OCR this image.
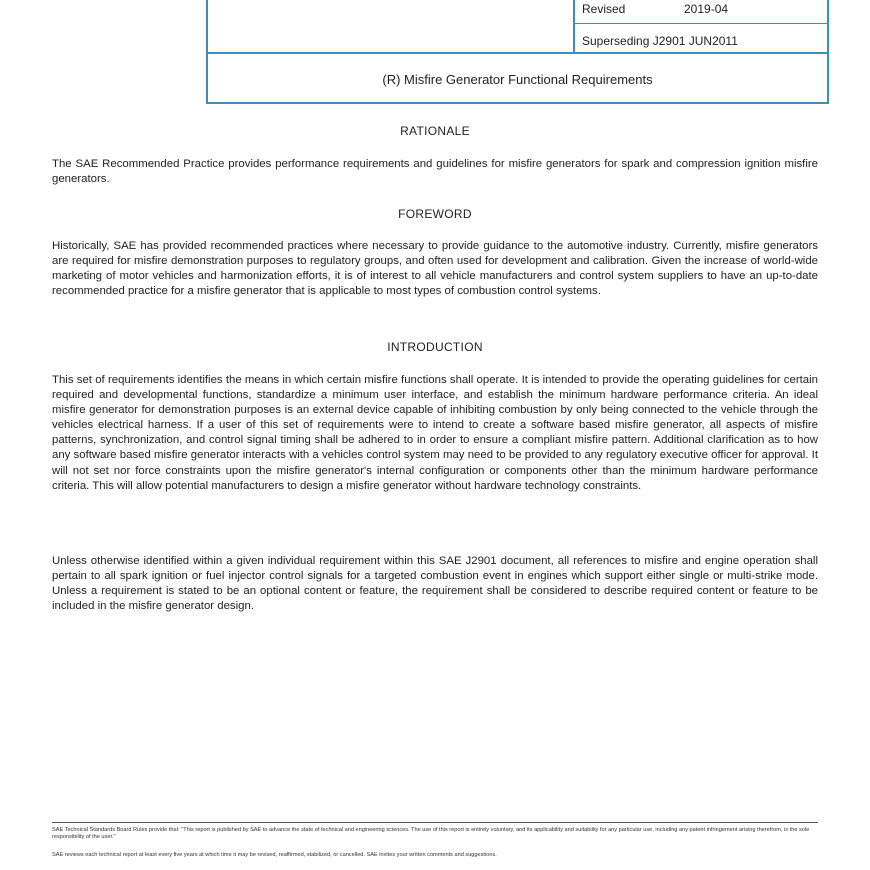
Revised	2019-04
Superseding J2901 JUN2011
(R) Misfire Generator Functional Requirements
RATIONALE

The SAE Recommended Practice provides performance requirements and guidelines for misfire generators for spark and compression ignition misfire generators.

FOREWORD

Historically, SAE has provided recommended practices where necessary to provide guidance to the automotive industry. Currently, misfire generators are required for misfire demonstration purposes to regulatory groups, and often used for development and calibration. Given the increase of world-wide marketing of motor vehicles and harmonization efforts, it is of interest to all vehicle manufacturers and control system suppliers to have an up-to-date recommended practice for a misfire generator that is applicable to most types of combustion control systems.

INTRODUCTION

This set of requirements identifies the means in which certain misfire functions shall operate. It is intended to provide the operating guidelines for certain required and developmental functions, standardize a minimum user interface, and establish the minimum hardware performance criteria. An ideal misfire generator for demonstration purposes is an external device capable of inhibiting combustion by only being connected to the vehicle through the vehicles electrical harness. If a user of this set of requirements were to intend to create a software based misfire generator, all aspects of misfire patterns, synchronization, and control signal timing shall be adhered to in order to ensure a compliant misfire pattern. Additional clarification as to how any software based misfire generator interacts with a vehicles control system may need to be provided to any regulatory executive officer for approval. It will not set nor force constraints upon the misfire generator's internal configuration or components other than the minimum hardware performance criteria. This will allow potential manufacturers to design a misfire generator without hardware technology constraints.

Unless otherwise identified within a given individual requirement within this SAE J2901 document, all references to misfire and engine operation shall pertain to all spark ignition or fuel injector control signals for a targeted combustion event in engines which support either single or multi-strike mode. Unless a requirement is stated to be an optional content or feature, the requirement shall be considered to describe required content or feature to be included in the misfire generator design.

SAE Technical Standards Board Rules provide that: "This report is published by SAE to advance the state of technical and engineering sciences. The use of this report is entirely voluntary, and its applicability and suitability for any particular use, including any patent infringement arising therefrom, is the sole responsibility of the user."

SAE reviews each technical report at least every five years at which time it may be revised, reaffirmed, stabilized, or cancelled. SAE invites your written comments and suggestions.
